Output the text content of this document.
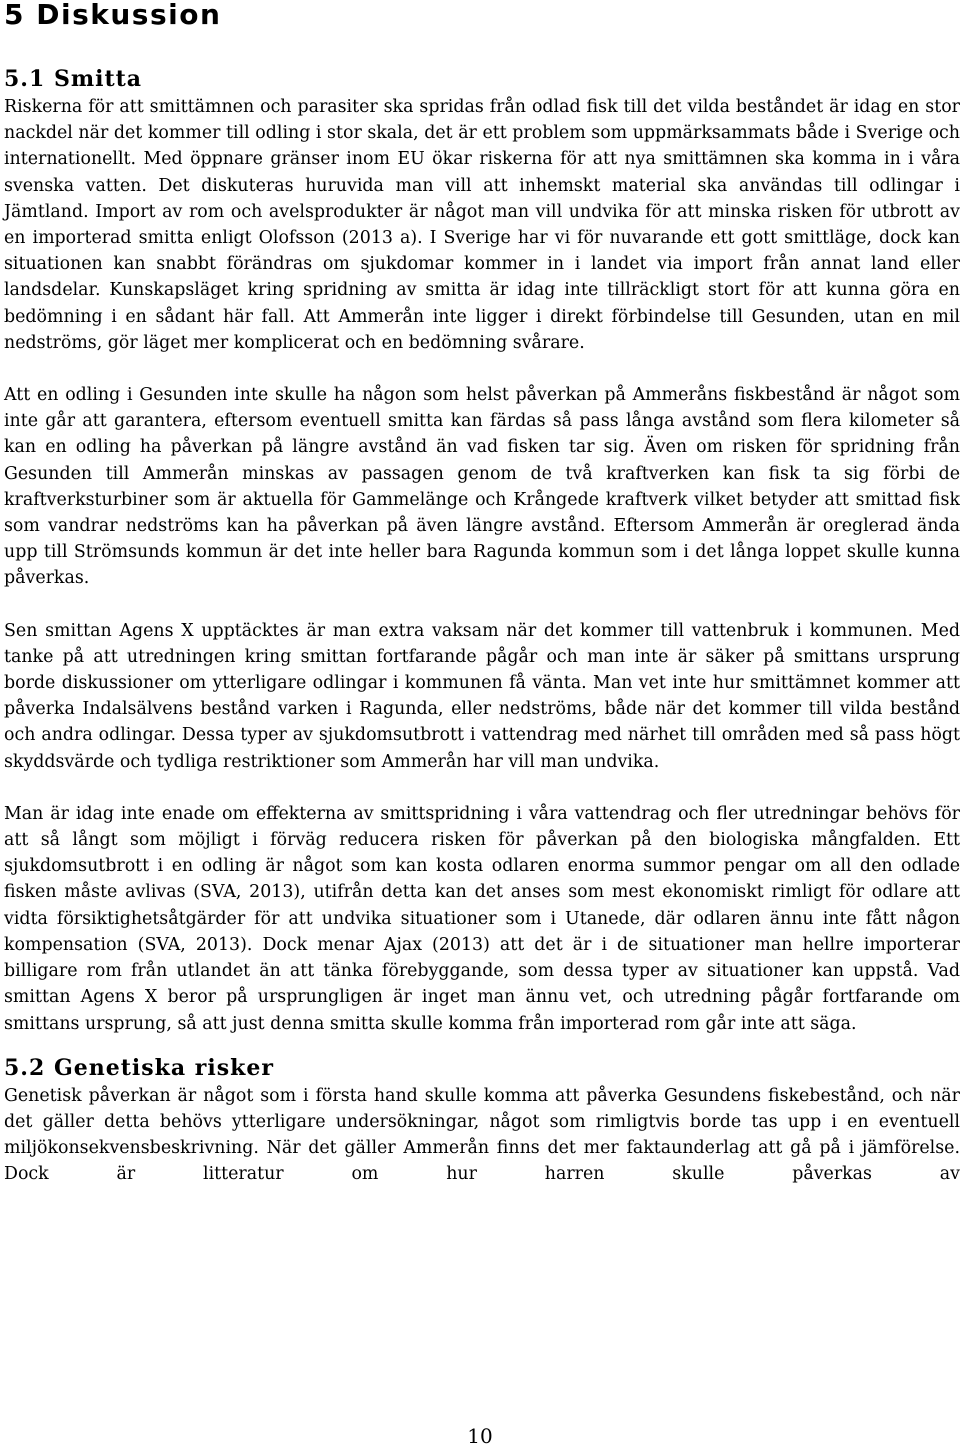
5 Diskussion
5.1 Smitta

Riskerna för att smittämnen och parasiter ska spridas från odlad fisk till det vilda beståndet är idag en stor nackdel när det kommer till odling i stor skala, det är ett problem som uppmärksammats både i Sverige och internationellt. Med öppnare gränser inom EU ökar riskerna för att nya smittämnen ska komma in i våra svenska vatten. Det diskuteras huruvida man vill att inhemskt material ska användas till odlingar i Jämtland. Import av rom och avelsprodukter är något man vill undvika för att minska risken för utbrott av en importerad smitta enligt Olofsson (2013 a). I Sverige har vi för nuvarande ett gott smittläge, dock kan situationen kan snabbt förändras om sjukdomar kommer in i landet via import från annat land eller landsdelar. Kunskapsläget kring spridning av smitta är idag inte tillräckligt stort för att kunna göra en bedömning i en sådant här fall. Att Ammerån inte ligger i direkt förbindelse till Gesunden, utan en mil nedströms, gör läget mer komplicerat och en bedömning svårare.

Att en odling i Gesunden inte skulle ha någon som helst påverkan på Ammeråns fiskbestånd är något som inte går att garantera, eftersom eventuell smitta kan färdas så pass långa avstånd som flera kilometer så kan en odling ha påverkan på längre avstånd än vad fisken tar sig. Även om risken för spridning från Gesunden till Ammerån minskas av passagen genom de två kraftverken kan fisk ta sig förbi de kraftverksturbiner som är aktuella för Gammelänge och Krångede kraftverk vilket betyder att smittad fisk som vandrar nedströms kan ha påverkan på även längre avstånd. Eftersom Ammerån är oreglerad ända upp till Strömsunds kommun är det inte heller bara Ragunda kommun som i det långa loppet skulle kunna påverkas.

Sen smittan Agens X upptäcktes är man extra vaksam när det kommer till vattenbruk i kommunen. Med tanke på att utredningen kring smittan fortfarande pågår och man inte är säker på smittans ursprung borde diskussioner om ytterligare odlingar i kommunen få vänta. Man vet inte hur smittämnet kommer att påverka Indalsälvens bestånd varken i Ragunda, eller nedströms, både när det kommer till vilda bestånd och andra odlingar. Dessa typer av sjukdomsutbrott i vattendrag med närhet till områden med så pass högt skyddsvärde och tydliga restriktioner som Ammerån har vill man undvika.

Man är idag inte enade om effekterna av smittspridning i våra vattendrag och fler utredningar behövs för att så långt som möjligt i förväg reducera risken för påverkan på den biologiska mångfalden. Ett sjukdomsutbrott i en odling är något som kan kosta odlaren enorma summor pengar om all den odlade fisken måste avlivas (SVA, 2013), utifrån detta kan det anses som mest ekonomiskt rimligt för odlare att vidta försiktighetsåtgärder för att undvika situationer som i Utanede, där odlaren ännu inte fått någon kompensation (SVA, 2013). Dock menar Ajax (2013) att det är i de situationer man hellre importerar billigare rom från utlandet än att tänka förebyggande, som dessa typer av situationer kan uppstå. Vad smittan Agens X beror på ursprungligen är inget man ännu vet, och utredning pågår fortfarande om smittans ursprung, så att just denna smitta skulle komma från importerad rom går inte att säga.

5.2 Genetiska risker

Genetisk påverkan är något som i första hand skulle komma att påverka Gesundens fiskebestånd, och när det gäller detta behövs ytterligare undersökningar, något som rimligtvis borde tas upp i en eventuell miljökonsekvensbeskrivning. När det gäller Ammerån finns det mer faktaunderlag att gå på i jämförelse. Dock är litteratur om hur harren skulle påverkas av

10
